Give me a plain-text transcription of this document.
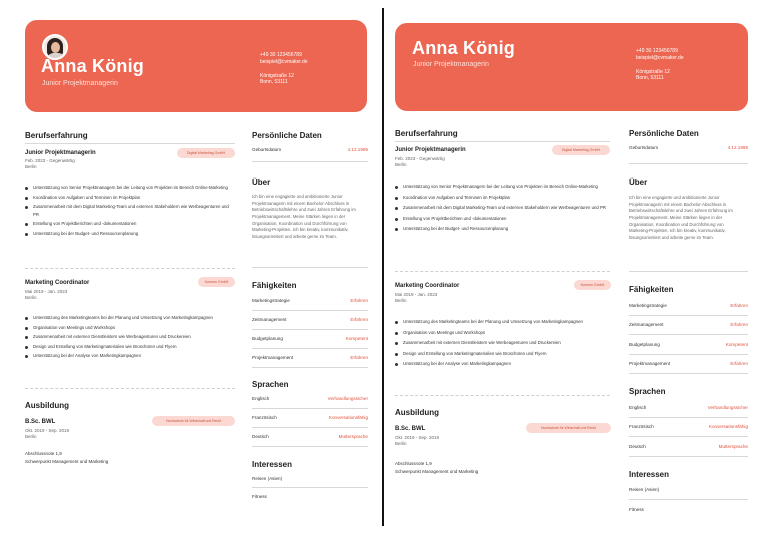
Anna König
Junior Projektmanagerin
+49 30 123456789
beispiel@cvmaker.de
Königstraße 12
Bonn, 53111
Berufserfahrung
Junior Projektmanagerin	Digital Marketing GmbH
Feb. 2023 - Gegenwärtig
Berlin
Unterstützung von Senior Projektmanagern bei der Leitung von Projekten im Bereich Online-Marketing
Koordination von Aufgaben und Terminen im Projektplan
Zusammenarbeit mit dem Digital Marketing-Team und externen Stakeholdern wie Werbeagenturen und PR
Erstellung von Projektberichten und -dokumentationen
Unterstützung bei der Budget- und Ressourcenplanung
Marketing Coordinator	Kunnen GmbH
Mai 2019 - Jan. 2023
Berlin
Unterstützung des Marketingteams bei der Planung und Umsetzung von Marketingkampagnen
Organisation von Meetings und Workshops
Zusammenarbeit mit externen Dienstleistern wie Werbeagenturen und Druckereien
Design und Erstellung von Marketingmaterialien wie Broschüren und Flyern
Unterstützung bei der Analyse von Marketingkampagnen
Ausbildung
B.Sc. BWL	Hochschule für Wirtschaft und Recht
Okt. 2019 - Sep. 2019
Berlin
Abschlussnote 1,9
Schwerpunkt Management und Marketing
Persönliche Daten
Geburtsdatum	4.12.1995
Über
Ich bin eine engagierte und ambitionierte Junior Projektmanagerin mit einem Bachelor-Abschluss in Betriebswirtschaftslehre und zwei Jahren Erfahrung im Projektmanagement. Meine Stärken liegen in der Organisation, Koordination und Durchführung von Marketing-Projekten. Ich bin kreativ, kommunikativ, lösungsorientiert und arbeite gerne im Team.
Fähigkeiten
Marketingstrategie	Erfahren
Zeitmanagement	Erfahren
Budgetplanung	Kompetent
Projektmanagement	Erfahren
Sprachen
Englisch	Verhandlungssicher
Französisch	Konversationsfähig
Deutsch	Muttersprache
Interessen
Reisen (Asien)
Fitness
Anna König
Junior Projektmanagerin
+49 30 123456789
beispiel@cvmaker.de
Königstraße 12
Bonn, 53111
Berufserfahrung
Junior Projektmanagerin	Digital Marketing GmbH
Feb. 2023 - Gegenwärtig
Berlin
Unterstützung von Senior Projektmanagern bei der Leitung von Projekten im Bereich Online-Marketing
Koordination von Aufgaben und Terminen im Projektplan
Zusammenarbeit mit dem Digital Marketing-Team und externen Stakeholdern wie Werbeagenturen und PR
Erstellung von Projektberichten und -dokumentationen
Unterstützung bei der Budget- und Ressourcenplanung
Marketing Coordinator	Kunnen GmbH
Mai 2019 - Jan. 2023
Berlin
Unterstützung des Marketingteams bei der Planung und Umsetzung von Marketingkampagnen
Organisation von Meetings und Workshops
Zusammenarbeit mit externen Dienstleistern wie Werbeagenturen und Druckereien
Design und Erstellung von Marketingmaterialien wie Broschüren und Flyern
Unterstützung bei der Analyse von Marketingkampagnen
Ausbildung
B.Sc. BWL	Hochschule für Wirtschaft und Recht
Okt. 2019 - Sep. 2019
Berlin
Abschlussnote 1,9
Schwerpunkt Management und Marketing
Persönliche Daten
Geburtsdatum	4.12.1995
Über
Ich bin eine engagierte und ambitionierte Junior Projektmanagerin mit einem Bachelor-Abschluss in Betriebswirtschaftslehre und zwei Jahren Erfahrung im Projektmanagement. Meine Stärken liegen in der Organisation, Koordination und Durchführung von Marketing-Projekten. Ich bin kreativ, kommunikativ, lösungsorientiert und arbeite gerne im Team.
Fähigkeiten
Marketingstrategie	Erfahren
Zeitmanagement	Erfahren
Budgetplanung	Kompetent
Projektmanagement	Erfahren
Sprachen
Englisch	Verhandlungssicher
Französisch	Konversationsfähig
Deutsch	Muttersprache
Interessen
Reisen (Asien)
Fitness
